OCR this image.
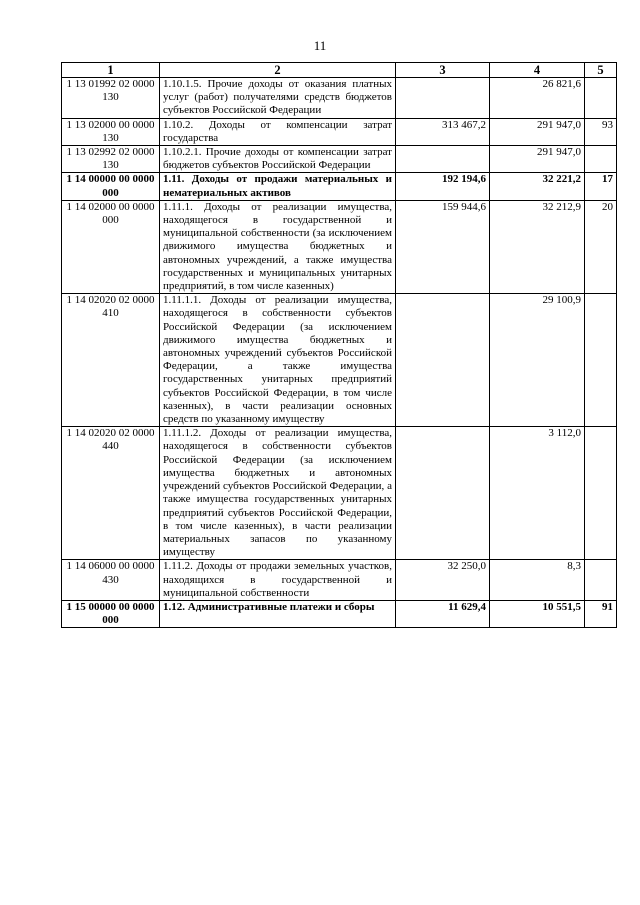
11
1	2	3	4	5
1 13 01992 02 0000 130	1.10.1.5. Прочие доходы от оказания платных услуг (работ) получателями средств бюджетов субъектов Российской Федерации		26 821,6	
1 13 02000 00 0000 130	1.10.2. Доходы от компенсации затрат государства	313 467,2	291 947,0	93
1 13 02992 02 0000 130	1.10.2.1. Прочие доходы от компенсации затрат бюджетов субъектов Российской Федерации		291 947,0	
1 14 00000 00 0000 000	1.11. Доходы от продажи материальных и нематериальных активов	192 194,6	32 221,2	17
1 14 02000 00 0000 000	1.11.1. Доходы от реализации имущества, находящегося в государственной и муниципальной собственности (за исключением движимого имущества бюджетных и автономных учреждений, а также имущества государственных и муниципальных унитарных предприятий, в том числе казенных)	159 944,6	32 212,9	20
1 14 02020 02 0000 410	1.11.1.1. Доходы от реализации имущества, находящегося в собственности субъектов Российской Федерации (за исключением движимого имущества бюджетных и автономных учреждений субъектов Российской Федерации, а также имущества государственных унитарных предприятий субъектов Российской Федерации, в том числе казенных), в части реализации основных средств по указанному имуществу		29 100,9	
1 14 02020 02 0000 440	1.11.1.2. Доходы от реализации имущества, находящегося в собственности субъектов Российской Федерации (за исключением имущества бюджетных и автономных учреждений субъектов Российской Федерации, а также имущества государственных унитарных предприятий субъектов Российской Федерации, в том числе казенных), в части реализации материальных запасов по указанному имуществу		3 112,0	
1 14 06000 00 0000 430	1.11.2. Доходы от продажи земельных участков, находящихся в государственной и муниципальной собственности	32 250,0	8,3	
1 15 00000 00 0000 000	1.12. Административные платежи и сборы	11 629,4	10 551,5	91
